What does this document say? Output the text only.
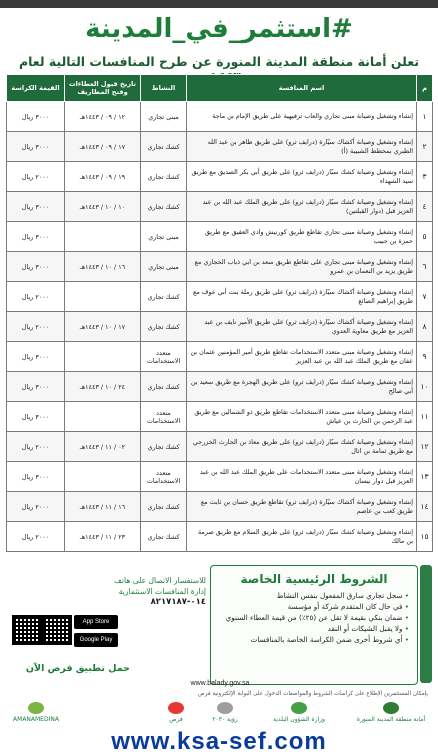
#استثمر_في_المدينة
تعلن أمانة منطقة المدينة المنورة عن طرح المنافسات التالية لعام
م	اسم المنافسة	النشاط	تاريخ قبول العطاءات وفتح المظاريف	القيمة الكراسة
١	إنشاء وتشغيل وصيانة مبنى تجاري والعاب ترفيهية على طريق الإمام بن ماجة	مبنى تجاري	١٢ / ٠٩ / ١٤٤٣هـ	٣٠٠٠ ريال
٢	إنشاء وتشغيل وصيانة أكشاك سيّارة (درايف ثرو) على طريق طاهر بن عبد الله الطبري بمخطط الشبيبة (أ)	كشك تجاري	١٧ / ٠٩ / ١٤٤٣هـ	٣٠٠٠ ريال
٣	إنشاء وتشغيل وصيانة كشك سيّار (درايف ثرو) على طريق أبي بكر الصديق مع طريق سيد الشهداء	كشك تجاري	١٩ / ٠٩ / ١٤٤٣هـ	٢٠٠٠ ريال
٤	إنشاء وتشغيل وصيانة كشك سيّار (درايف ثرو) على طريق الملك عبد الله بن عبد العزيز قبل (دوار القبلتين)	كشك تجاري	١٠ / ١٠ / ١٤٤٣هـ	٣٠٠٠ ريال
٥	إنشاء وتشغيل وصيانة مبنى تجاري تقاطع طريق كورنيش وادي العقيق مع طريق حمزة بن حبيب	مبنى تجاري		٣٠٠٠ ريال
٦	إنشاء وتشغيل وصيانة مبنى تجاري على تقاطع طريق سعد بن ابي ذباب الحجازي مع طريق يزيد بن النعمان بن عمرو	مبنى تجاري	١٦ / ١٠ / ١٤٤٣هـ	٣٠٠٠ ريال
٧	إنشاء وتشغيل وصيانة أكشاك سيّارة (درايف ثرو) على طريق رملة بنت أبي عوف مع طريق إبراهيم الصائغ	كشك تجاري		٢٠٠٠ ريال
٨	إنشاء وتشغيل وصيانة أكشاك سيّارة (درايف ثرو) على طريق الأمير نايف بن عبد العزيز مع طريق معاوية العدوي	كشك تجاري	١٧ / ١٠ / ١٤٤٣هـ	٢٠٠٠ ريال
٩	إنشاء وتشغيل وصيانة مبنى متعدد الاستخدامات تقاطع طريق أمير المؤمنين عثمان بن عفان مع طريق الملك عبد الله بن عبد العزيز	متعدد الاستخدامات		٣٠٠٠ ريال
١٠	إنشاء وتشغيل وصيانة كشك سيّار (درايف ثرو) على طريق الهجرة مع طريق سعيد بن أبي صالح	كشك تجاري	٢٤ / ١٠ / ١٤٤٣هـ	٣٠٠٠ ريال
١١	إنشاء وتشغيل وصيانة مبنى متعدد الاستخدامات تقاطع طريق ذو الشمالين مع طريق عبد الرحمن بن الحارث بن عياش	متعدد الاستخدامات		٣٠٠٠ ريال
١٢	إنشاء وتشغيل وصيانة كشك سيّار (درايف ثرو) على طريق معاذ بن الحارث الخزرجي مع طريق ثمامة بن اثال	كشك تجاري	٠٢ / ١١ / ١٤٤٣هـ	٢٠٠٠ ريال
١٣	إنشاء وتشغيل وصيانة مبنى متعدد الاستخدامات على طريق الملك عبد الله بن عبد العزيز قبل دوار نيسان	متعدد الاستخدامات		٣٠٠٠ ريال
١٤	إنشاء وتشغيل وصيانة أكشاك سيّارة (درايف ثرو) تقاطع طريق حسان بن ثابت مع طريق كعب بن عاصم	كشك تجاري	١٦ / ١١ / ١٤٤٣هـ	٢٠٠٠ ريال
١٥	إنشاء وتشغيل وصيانة كشك سيّار (درايف ثرو) على طريق السلام مع طريق صرمة بن مالك	كشك تجاري	٢٣ / ١١ / ١٤٤٣هـ	٢٠٠٠ ريال
الشروط الرئيسية الخاصة
• سجل تجاري سارق المفعول بنفس النشاط
• في حال كان المتقدم شركة أو مؤسسة
• ضمان بنكي بقيمة لا تقل عن (٢٥٪) من قيمة العطاء السنوي
• ولا يقبل الشيكات أو النقد
• أي شروط أخرى ضمن الكراسة الخاصة بالمنافسات
للاستفسار الاتصال على هاتف
إدارة المنافسات الاستثمارية
٠١٤-٨٢١٧١٨٧
App Store
Google Play
حمل تطبيق فرص الآن
www.balady.gov.sa
بإمكان المستثمرين الإطلاع على كراسات الشروط والمواصفات الدخول على البوابة الإلكترونية فرص
AMANAMEDINA	فرص	رؤية ٢٠٣٠	وزارة الشؤون البلدية	أمانة منطقة المدينة المنورة
www.ksa-sef.com
